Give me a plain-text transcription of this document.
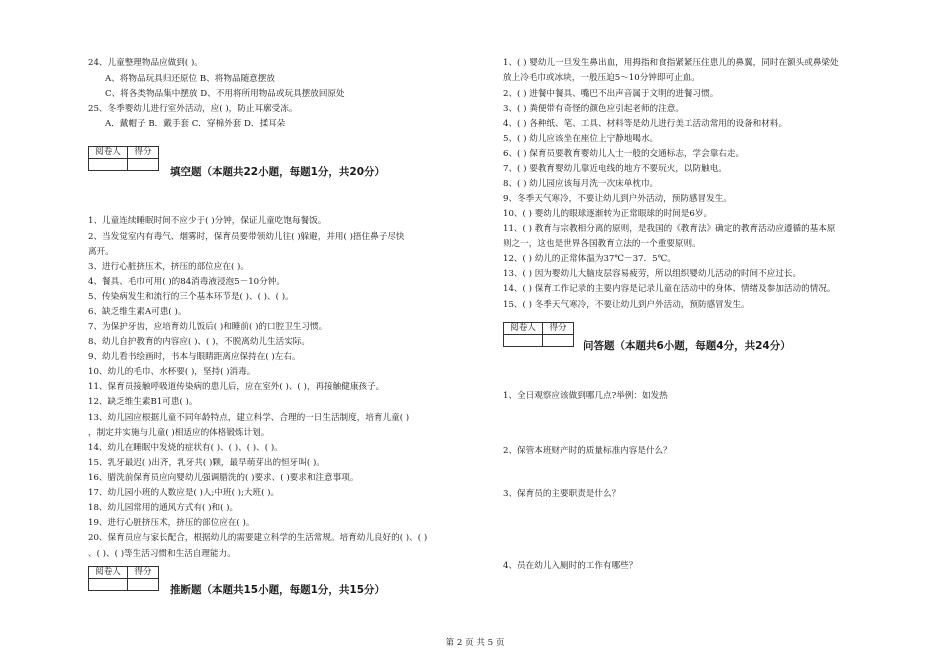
24、儿童整理物品应做到( )。
A、将物品玩具归还原位 B、将物品随意摆放
C、将各类物品集中摆放 D、不用将所用物品或玩具摆放回原处
25、冬季婴幼儿进行室外活动，应( )，防止耳廓受冻。
A．戴帽子 B．戴手套 C．穿棉外套 D．揉耳朵
阅卷人	得分

填空题（本题共22小题，每题1分，共20分）
1、儿童连续睡眠时间不应少于( )分钟，保证儿童吃饱每餐饭。
2、当发觉室内有毒气、烟雾时，保育员要带领幼儿往( )躲避，并用( )捂住鼻子尽快
离开。
3、进行心脏挤压术，挤压的部位应在( )。
4、餐具、毛巾可用( )的84消毒液浸泡5－10分钟。
5、传染病发生和流行的三个基本环节是( )、( )、( )。
6、缺乏维生素A可患( )。
7、为保护牙齿，应培育幼儿饭后( )和睡前( )的口腔卫生习惯。
8、幼儿自护教育的内容应( )、( )，不脱离幼儿生活实际。
9、幼儿看书绘画时，书本与眼睛距离应保持在( )左右。
10、幼儿的毛巾、水杯要( )，坚持( )消毒。
11、保育员接触呼吸道传染病的患儿后，应在室外( )、( )，再接触健康孩子。
12、缺乏维生素B1可患( )。
13、幼儿园应根据儿童不同年龄特点，建立科学、合理的一日生活制度，培育儿童( )
，制定并实施与儿童( )相适应的体格锻炼计划。
14、幼儿在睡眠中发烧的症状有( )、( )、( )、( )。
15、乳牙最迟( )出齐，乳牙共( )颗，最早萌芽出的恒牙叫( )。
16、腊洗前保育员应向婴幼儿强调腊洗的( )要求、( )要求和注意事项。
17、幼儿园小班的人数应是( )人;中班( );大班( )。
18、幼儿园常用的通风方式有( )和( )。
19、进行心脏挤压术，挤压的部位应在( )。
20、保育员应与家长配合，根据幼儿的需要建立科学的生活常规。培育幼儿良好的( )、( )
、( )、( )等生活习惯和生活自理能力。
阅卷人	得分

推断题（本题共15小题，每题1分，共15分）
1、( ) 婴幼儿一旦发生鼻出血，用拇指和食指紧紧压住患儿的鼻翼，同时在额头或鼻梁处
放上冷毛巾或冰块，一般压迫5～10分钟即可止血。
2、( ) 进餐中餐具、嘴巴不出声音属于文明的进餐习惯。
3、( ) 粪便带有奇怪的颜色应引起老师的注意。
4、( ) 各种纸、笔、工具、材料等是幼儿进行美工活动常用的设备和材料。
5、( ) 幼儿应该坐在座位上宁静地喝水。
6、( ) 保育员要教育婴幼儿人士一般的交通标志，学会靠右走。
7、( ) 要教育婴幼儿靠近电线的地方不要玩火，以防触电。
8、( ) 幼儿园应该每月洗一次床单枕巾。
9、冬季天气寒冷，不要让幼儿到户外活动，预防感冒发生。
10、( ) 婴幼儿的眼球逐渐转为正常眼球的时间是6岁。
11、( ) 教育与宗教相分离的原则，是我国的《教育法》确定的教育活动应遵循的基本原
则之一，这也是世界各国教育立法的一个重要原则。
12、( ) 幼儿的正常体温为37℃－37．5℃。
13、( ) 因为婴幼儿大脑皮层容易疲劳，所以组织婴幼儿活动的时间不应过长。
14、( ) 保育工作记录的主要内容是记录儿童在活动中的身体、情绪及参加活动的情况。
15、( ) 冬季天气寒冷，不要让幼儿到户外活动，预防感冒发生。
阅卷人	得分

问答题（本题共6小题，每题4分，共24分）
1、全日观察应该做到哪几点?举例：如发热
2、保管本班财产时的质量标准内容是什么？
3、保育员的主要职责是什么？
4、员在幼儿入厕时的工作有哪些？
第 2 页 共 5 页
